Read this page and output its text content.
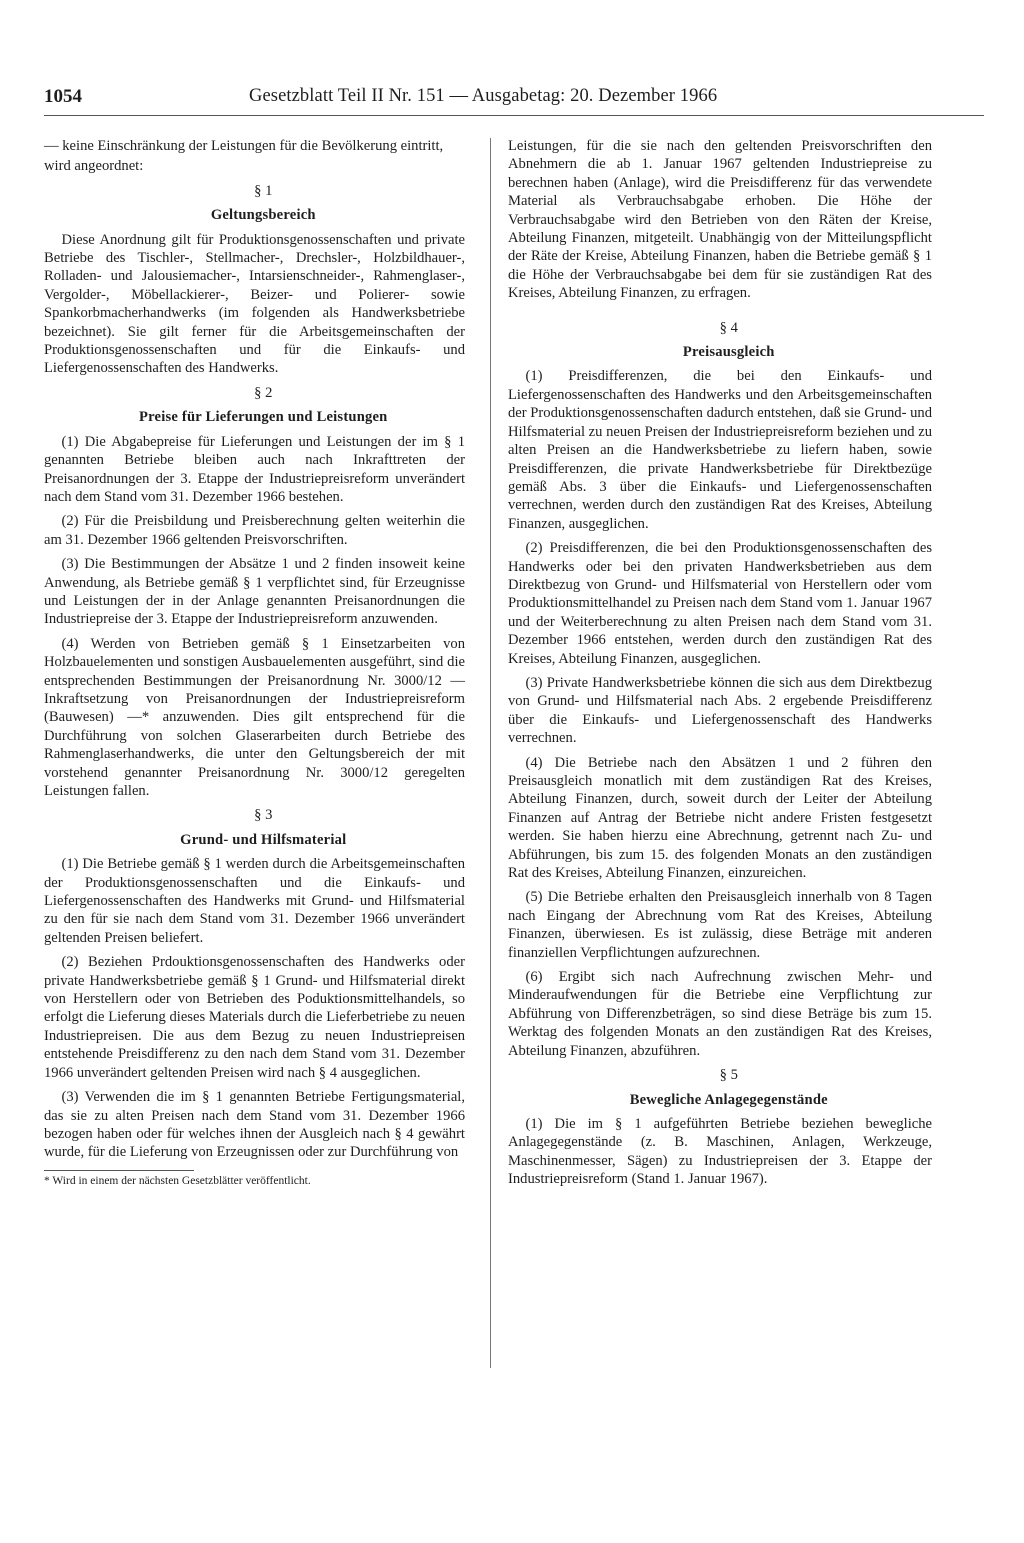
1054	Gesetzblatt Teil II Nr. 151 — Ausgabetag: 20. Dezember 1966

— keine Einschränkung der Leistungen für die Bevölkerung eintritt,

wird angeordnet:

§ 1

Geltungsbereich

Diese Anordnung gilt für Produktionsgenossenschaften und private Betriebe des Tischler-, Stellmacher-, Drechsler-, Holzbildhauer-, Rolladen- und Jalousiemacher-, Intarsienschneider-, Rahmenglaser-, Vergolder-, Möbellackierer-, Beizer- und Polierer- sowie Spankorbmacherhandwerks (im folgenden als Handwerksbetriebe bezeichnet). Sie gilt ferner für die Arbeitsgemeinschaften der Produktionsgenossenschaften und für die Einkaufs- und Liefergenossenschaften des Handwerks.

§ 2

Preise für Lieferungen und Leistungen

(1) Die Abgabepreise für Lieferungen und Leistungen der im § 1 genannten Betriebe bleiben auch nach Inkrafttreten der Preisanordnungen der 3. Etappe der Industriepreisreform unverändert nach dem Stand vom 31. Dezember 1966 bestehen.

(2) Für die Preisbildung und Preisberechnung gelten weiterhin die am 31. Dezember 1966 geltenden Preisvorschriften.

(3) Die Bestimmungen der Absätze 1 und 2 finden insoweit keine Anwendung, als Betriebe gemäß § 1 verpflichtet sind, für Erzeugnisse und Leistungen der in der Anlage genannten Preisanordnungen die Industriepreise der 3. Etappe der Industriepreisreform anzuwenden.

(4) Werden von Betrieben gemäß § 1 Einsetzarbeiten von Holzbauelementen und sonstigen Ausbauelementen ausgeführt, sind die entsprechenden Bestimmungen der Preisanordnung Nr. 3000/12 — Inkraftsetzung von Preisanordnungen der Industriepreisreform (Bauwesen) —* anzuwenden. Dies gilt entsprechend für die Durchführung von solchen Glaserarbeiten durch Betriebe des Rahmenglaserhandwerks, die unter den Geltungsbereich der mit vorstehend genannter Preisanordnung Nr. 3000/12 geregelten Leistungen fallen.

§ 3

Grund- und Hilfsmaterial

(1) Die Betriebe gemäß § 1 werden durch die Arbeitsgemeinschaften der Produktionsgenossenschaften und die Einkaufs- und Liefergenossenschaften des Handwerks mit Grund- und Hilfsmaterial zu den für sie nach dem Stand vom 31. Dezember 1966 unverändert geltenden Preisen beliefert.

(2) Beziehen Prdouktionsgenossenschaften des Handwerks oder private Handwerksbetriebe gemäß § 1 Grund- und Hilfsmaterial direkt von Herstellern oder von Betrieben des Poduktionsmittelhandels, so erfolgt die Lieferung dieses Materials durch die Lieferbetriebe zu neuen Industriepreisen. Die aus dem Bezug zu neuen Industriepreisen entstehende Preisdifferenz zu den nach dem Stand vom 31. Dezember 1966 unverändert geltenden Preisen wird nach § 4 ausgeglichen.

(3) Verwenden die im § 1 genannten Betriebe Fertigungsmaterial, das sie zu alten Preisen nach dem Stand vom 31. Dezember 1966 bezogen haben oder für welches ihnen der Ausgleich nach § 4 gewährt wurde, für die Lieferung von Erzeugnissen oder zur Durchführung von

* Wird in einem der nächsten Gesetzblätter veröffentlicht.

Leistungen, für die sie nach den geltenden Preisvorschriften den Abnehmern die ab 1. Januar 1967 geltenden Industriepreise zu berechnen haben (Anlage), wird die Preisdifferenz für das verwendete Material als Verbrauchsabgabe erhoben. Die Höhe der Verbrauchsabgabe wird den Betrieben von den Räten der Kreise, Abteilung Finanzen, mitgeteilt. Unabhängig von der Mitteilungspflicht der Räte der Kreise, Abteilung Finanzen, haben die Betriebe gemäß § 1 die Höhe der Verbrauchsabgabe bei dem für sie zuständigen Rat des Kreises, Abteilung Finanzen, zu erfragen.

§ 4

Preisausgleich

(1) Preisdifferenzen, die bei den Einkaufs- und Liefergenossenschaften des Handwerks und den Arbeitsgemeinschaften der Produktionsgenossenschaften dadurch entstehen, daß sie Grund- und Hilfsmaterial zu neuen Preisen der Industriepreisreform beziehen und zu alten Preisen an die Handwerksbetriebe zu liefern haben, sowie Preisdifferenzen, die private Handwerksbetriebe für Direktbezüge gemäß Abs. 3 über die Einkaufs- und Liefergenossenschaften verrechnen, werden durch den zuständigen Rat des Kreises, Abteilung Finanzen, ausgeglichen.

(2) Preisdifferenzen, die bei den Produktionsgenossenschaften des Handwerks oder bei den privaten Handwerksbetrieben aus dem Direktbezug von Grund- und Hilfsmaterial von Herstellern oder vom Produktionsmittelhandel zu Preisen nach dem Stand vom 1. Januar 1967 und der Weiterberechnung zu alten Preisen nach dem Stand vom 31. Dezember 1966 entstehen, werden durch den zuständigen Rat des Kreises, Abteilung Finanzen, ausgeglichen.

(3) Private Handwerksbetriebe können die sich aus dem Direktbezug von Grund- und Hilfsmaterial nach Abs. 2 ergebende Preisdifferenz über die Einkaufs- und Liefergenossenschaft des Handwerks verrechnen.

(4) Die Betriebe nach den Absätzen 1 und 2 führen den Preisausgleich monatlich mit dem zuständigen Rat des Kreises, Abteilung Finanzen, durch, soweit durch der Leiter der Abteilung Finanzen auf Antrag der Betriebe nicht andere Fristen festgesetzt werden. Sie haben hierzu eine Abrechnung, getrennt nach Zu- und Abführungen, bis zum 15. des folgenden Monats an den zuständigen Rat des Kreises, Abteilung Finanzen, einzureichen.

(5) Die Betriebe erhalten den Preisausgleich innerhalb von 8 Tagen nach Eingang der Abrechnung vom Rat des Kreises, Abteilung Finanzen, überwiesen. Es ist zulässig, diese Beträge mit anderen finanziellen Verpflichtungen aufzurechnen.

(6) Ergibt sich nach Aufrechnung zwischen Mehr- und Minderaufwendungen für die Betriebe eine Verpflichtung zur Abführung von Differenzbeträgen, so sind diese Beträge bis zum 15. Werktag des folgenden Monats an den zuständigen Rat des Kreises, Abteilung Finanzen, abzuführen.

§ 5

Bewegliche Anlagegegenstände

(1) Die im § 1 aufgeführten Betriebe beziehen bewegliche Anlagegegenstände (z. B. Maschinen, Anlagen, Werkzeuge, Maschinenmesser, Sägen) zu Industriepreisen der 3. Etappe der Industriepreisreform (Stand 1. Januar 1967).
